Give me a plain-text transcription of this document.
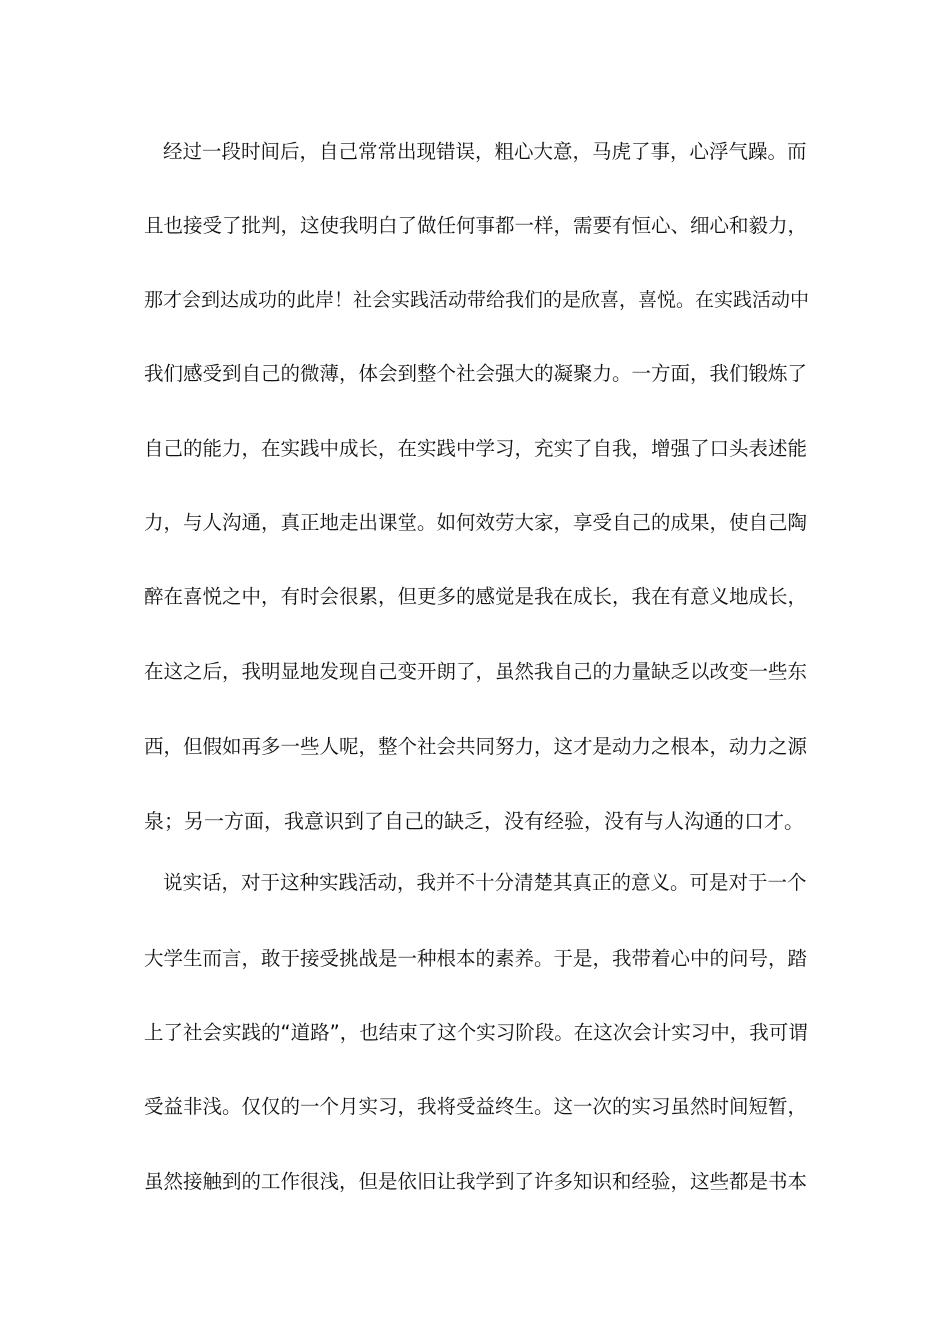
经过一段时间后，自己常常出现错误，粗心大意，马虎了事，心浮气躁。而
且也接受了批判，这使我明白了做任何事都一样，需要有恒心、细心和毅力，
那才会到达成功的此岸！社会实践活动带给我们的是欣喜，喜悦。在实践活动中
我们感受到自己的微薄，体会到整个社会强大的凝聚力。一方面，我们锻炼了
自己的能力，在实践中成长，在实践中学习，充实了自我，增强了口头表述能
力，与人沟通，真正地走出课堂。如何效劳大家，享受自己的成果，使自己陶
醉在喜悦之中，有时会很累，但更多的感觉是我在成长，我在有意义地成长，
在这之后，我明显地发现自己变开朗了，虽然我自己的力量缺乏以改变一些东
西，但假如再多一些人呢，整个社会共同努力，这才是动力之根本，动力之源
泉；另一方面，我意识到了自己的缺乏，没有经验，没有与人沟通的口才。
说实话，对于这种实践活动，我并不十分清楚其真正的意义。可是对于一个
大学生而言，敢于接受挑战是一种根本的素养。于是，我带着心中的问号，踏
上了社会实践的“道路”，也结束了这个实习阶段。在这次会计实习中，我可谓
受益非浅。仅仅的一个月实习，我将受益终生。这一次的实习虽然时间短暂，
虽然接触到的工作很浅，但是依旧让我学到了许多知识和经验，这些都是书本
